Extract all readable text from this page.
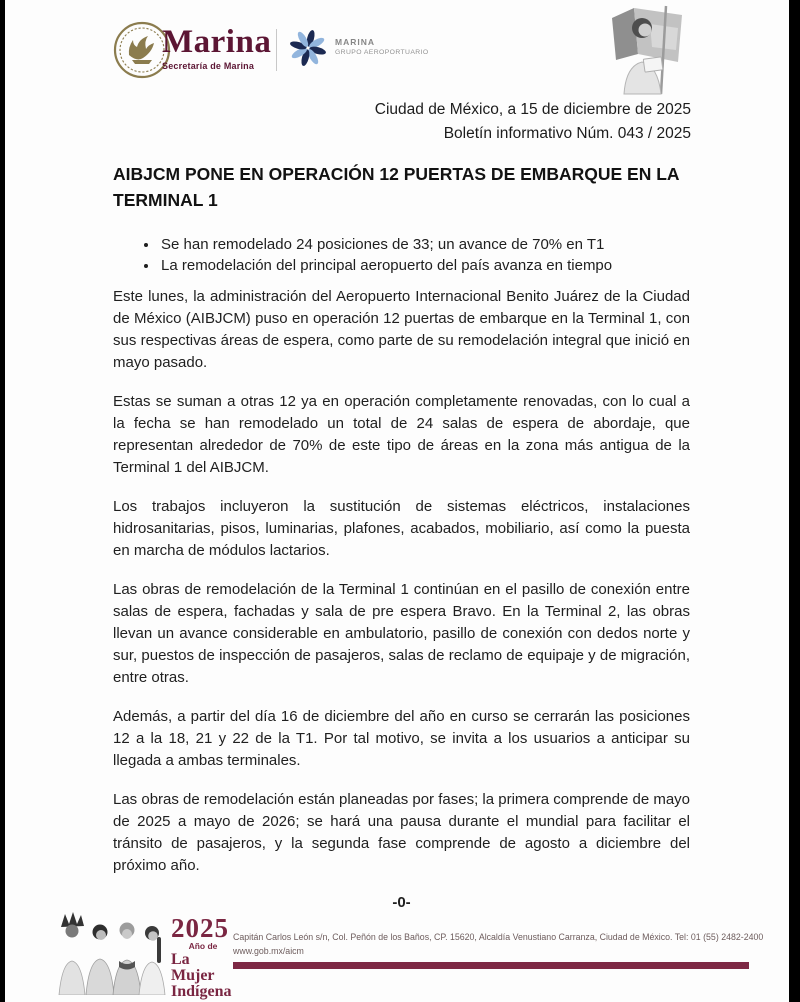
Marina
Secretaría de Marina
MARINA
GRUPO AEROPORTUARIO
Ciudad de México, a 15 de diciembre de 2025
Boletín informativo Núm. 043 / 2025
AIBJCM PONE EN OPERACIÓN 12 PUERTAS DE EMBARQUE EN LA TERMINAL 1
• Se han remodelado 24 posiciones de 33; un avance de 70% en T1
• La remodelación del principal aeropuerto del país avanza en tiempo

Este lunes, la administración del Aeropuerto Internacional Benito Juárez de la Ciudad de México (AIBJCM) puso en operación 12 puertas de embarque en la Terminal 1, con sus respectivas áreas de espera, como parte de su remodelación integral que inició en mayo pasado.

Estas se suman a otras 12 ya en operación completamente renovadas, con lo cual a la fecha se han remodelado un total de 24 salas de espera de abordaje, que representan alrededor de 70% de este tipo de áreas en la zona más antigua de la Terminal 1 del AIBJCM.

Los trabajos incluyeron la sustitución de sistemas eléctricos, instalaciones hidrosanitarias, pisos, luminarias, plafones, acabados, mobiliario, así como la puesta en marcha de módulos lactarios.

Las obras de remodelación de la Terminal 1 continúan en el pasillo de conexión entre salas de espera, fachadas y sala de pre espera Bravo. En la Terminal 2, las obras llevan un avance considerable en ambulatorio, pasillo de conexión con dedos norte y sur, puestos de inspección de pasajeros, salas de reclamo de equipaje y de migración, entre otras.

Además, a partir del día 16 de diciembre del año en curso se cerrarán las posiciones 12 a la 18, 21 y 22 de la T1. Por tal motivo, se invita a los usuarios a anticipar su llegada a ambas terminales.

Las obras de remodelación están planeadas por fases; la primera comprende de mayo de 2025 a mayo de 2026; se hará una pausa durante el mundial para facilitar el tránsito de pasajeros, y la segunda fase comprende de agosto a diciembre del próximo año.

-0-
2025
Año de
La Mujer
Indígena
Capitán Carlos León s/n, Col. Peñón de los Baños, CP. 15620, Alcaldía Venustiano Carranza, Ciudad de México. Tel: 01 (55) 2482-2400
www.gob.mx/aicm
